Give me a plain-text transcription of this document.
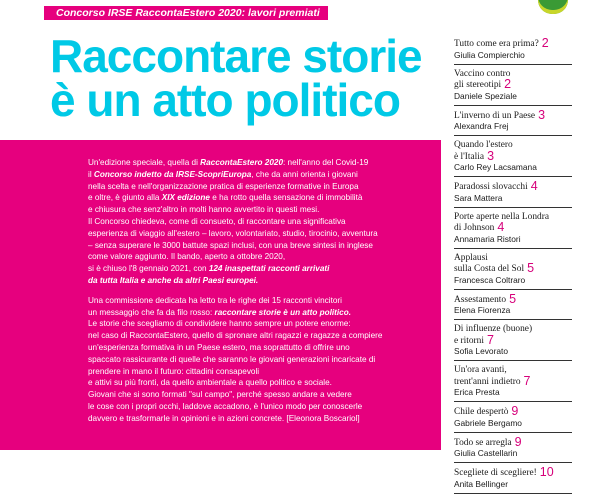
Concorso IRSE RaccontaEstero 2020: lavori premiati
Raccontare storie
è un atto politico
Un'edizione speciale, quella di RaccontaEstero 2020: nell'anno del Covid-19
il Concorso indetto da IRSE-ScopriEuropa, che da anni orienta i giovani
nella scelta e nell'organizzazione pratica di esperienze formative in Europa
e oltre, è giunto alla XIX edizione e ha rotto quella sensazione di immobilità
e chiusura che senz'altro in molti hanno avvertito in questi mesi.
Il Concorso chiedeva, come di consueto, di raccontare una significativa
esperienza di viaggio all'estero – lavoro, volontariato, studio, tirocinio, avventura
– senza superare le 3000 battute spazi inclusi, con una breve sintesi in inglese
come valore aggiunto. Il bando, aperto a ottobre 2020,
si è chiuso l'8 gennaio 2021, con 124 inaspettati racconti arrivati
da tutta Italia e anche da altri Paesi europei.
Una commissione dedicata ha letto tra le righe dei 15 racconti vincitori
un messaggio che fa da filo rosso: raccontare storie è un atto politico.
Le storie che scegliamo di condividere hanno sempre un potere enorme:
nel caso di RaccontaEstero, quello di spronare altri ragazzi e ragazze a compiere
un'esperienza formativa in un Paese estero, ma soprattutto di offrire uno
spaccato rassicurante di quelle che saranno le giovani generazioni incaricate di
prendere in mano il futuro: cittadini consapevoli
e attivi su più fronti, da quello ambientale a quello politico e sociale.
Giovani che si sono formati "sul campo", perché spesso andare a vedere
le cose con i propri occhi, laddove accadono, è l'unico modo per conoscerle
davvero e trasformarle in opinioni e in azioni concrete. [Eleonora Boscariol]
Tutto come era prima? 2
Giulia Compierchio
Vaccino contro
gli stereotipi 2
Daniele Speziale
L'inverno di un Paese 3
Alexandra Frej
Quando l'estero
è l'Italia 3
Carlo Rey Lacsamana
Paradossi slovacchi 4
Sara Mattera
Porte aperte nella Londra
di Johnson 4
Annamaria Ristori
Applausi
sulla Costa del Sol 5
Francesca Coltraro
Assestamento 5
Elena Fiorenza
Di influenze (buone)
e ritorni 7
Sofia Levorato
Un'ora avanti,
trent'anni indietro 7
Erica Presta
Chile despertò 9
Gabriele Bergamo
Todo se arregla 9
Giulia Castellarin
Scegliete di scegliere! 10
Anita Bellinger
